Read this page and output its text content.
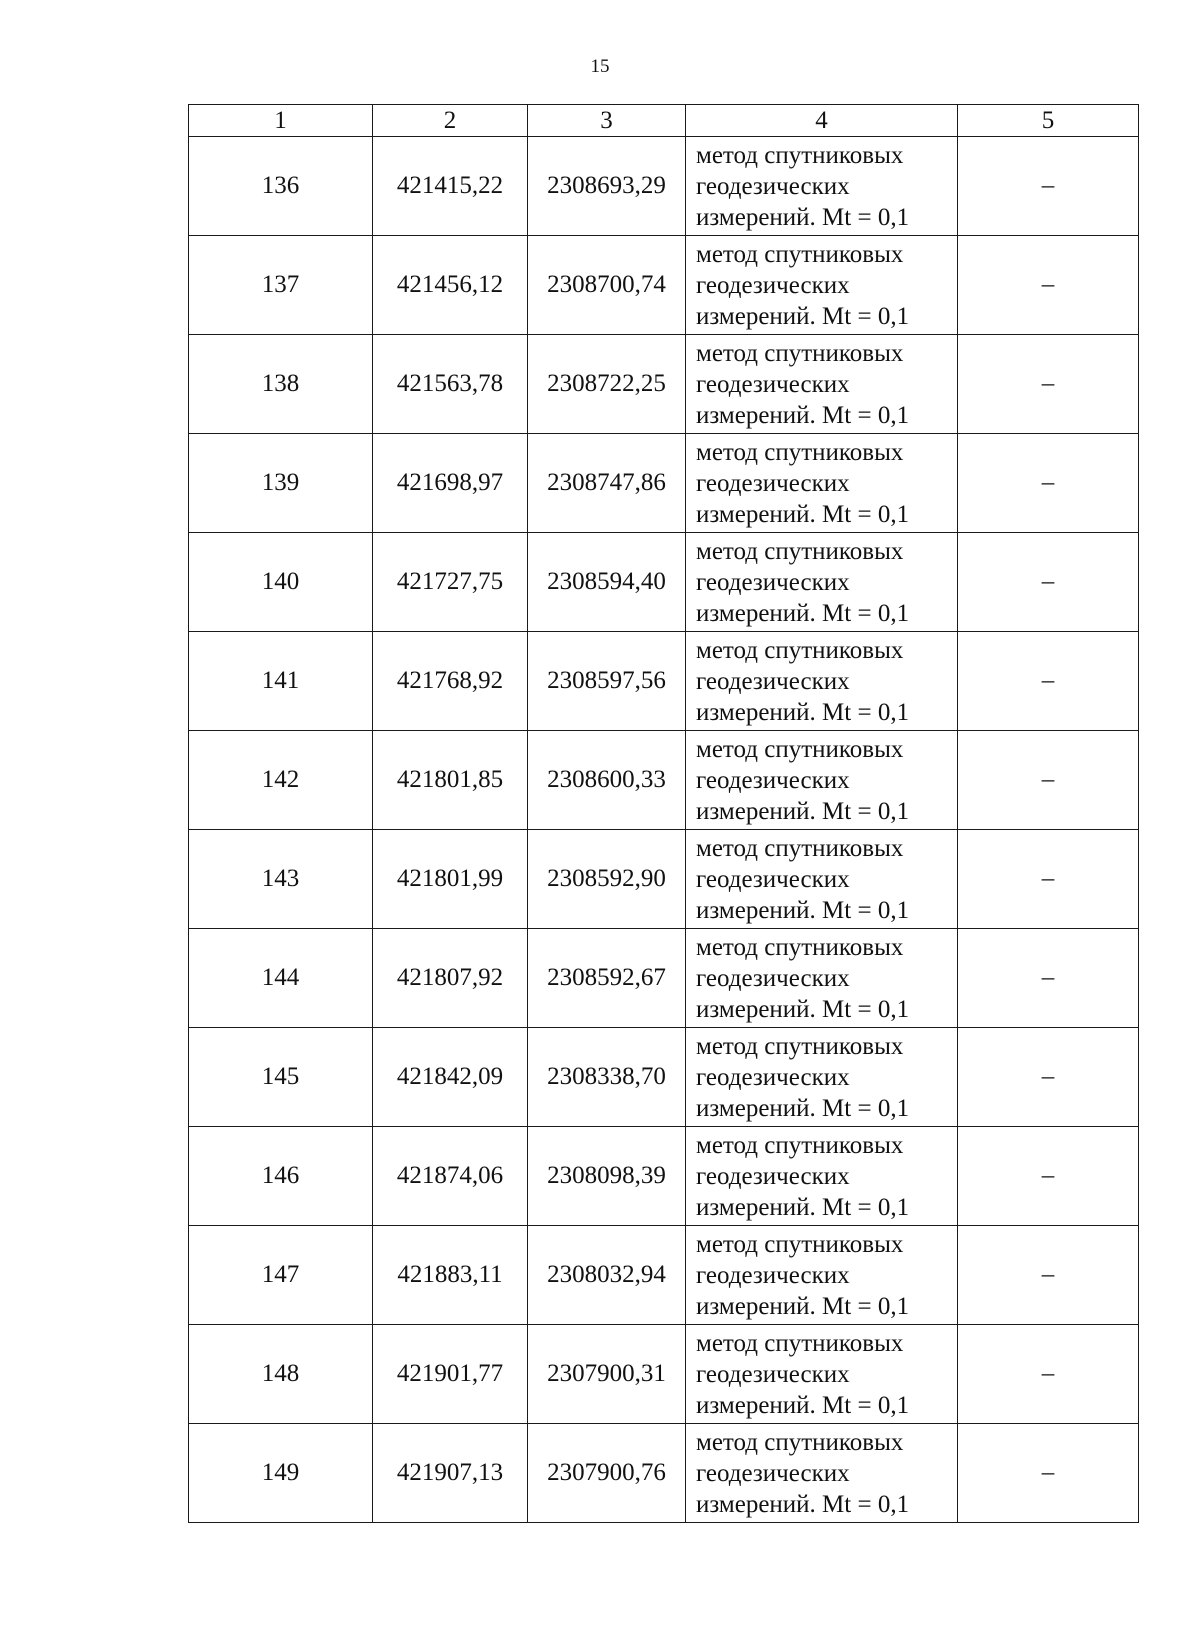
15
1	2	3	4	5
136	421415,22	2308693,29	метод спутниковых
геодезических
измерений. Mt = 0,1	–
137	421456,12	2308700,74	метод спутниковых
геодезических
измерений. Mt = 0,1	–
138	421563,78	2308722,25	метод спутниковых
геодезических
измерений. Mt = 0,1	–
139	421698,97	2308747,86	метод спутниковых
геодезических
измерений. Mt = 0,1	–
140	421727,75	2308594,40	метод спутниковых
геодезических
измерений. Mt = 0,1	–
141	421768,92	2308597,56	метод спутниковых
геодезических
измерений. Mt = 0,1	–
142	421801,85	2308600,33	метод спутниковых
геодезических
измерений. Mt = 0,1	–
143	421801,99	2308592,90	метод спутниковых
геодезических
измерений. Mt = 0,1	–
144	421807,92	2308592,67	метод спутниковых
геодезических
измерений. Mt = 0,1	–
145	421842,09	2308338,70	метод спутниковых
геодезических
измерений. Mt = 0,1	–
146	421874,06	2308098,39	метод спутниковых
геодезических
измерений. Mt = 0,1	–
147	421883,11	2308032,94	метод спутниковых
геодезических
измерений. Mt = 0,1	–
148	421901,77	2307900,31	метод спутниковых
геодезических
измерений. Mt = 0,1	–
149	421907,13	2307900,76	метод спутниковых
геодезических
измерений. Mt = 0,1	–
